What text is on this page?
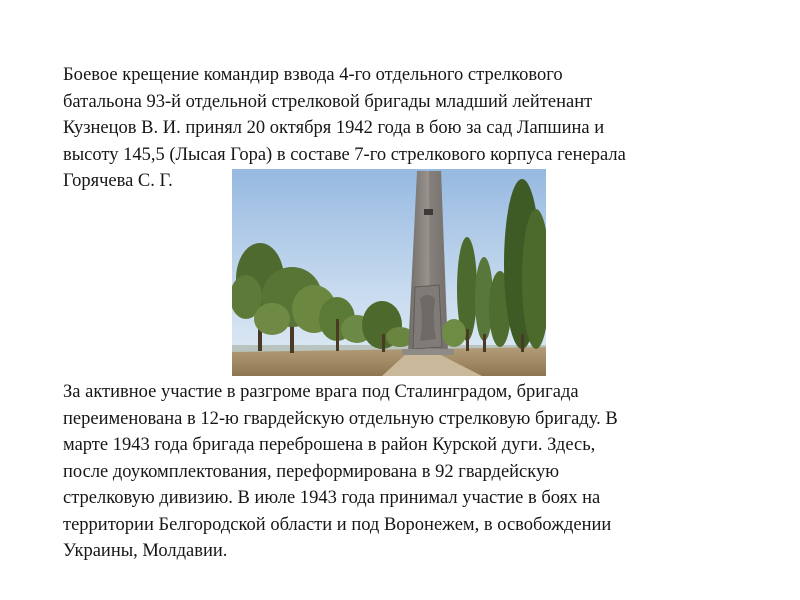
Боевое крещение командир взвода 4-го отдельного стрелкового
батальона 93-й отдельной стрелковой бригады младший лейтенант
Кузнецов В. И. принял 20 октября 1942 года в бою за сад Лапшина и
высоту 145,5 (Лысая Гора) в составе 7-го стрелкового корпуса генерала
Горячева С. Г.

За активное участие в разгроме врага под Сталинградом, бригада
переименована в 12-ю гвардейскую отдельную стрелковую бригаду. В
марте 1943 года бригада переброшена в район Курской дуги. Здесь,
после доукомплектования, переформирована в 92 гвардейскую
стрелковую дивизию. В июле 1943 года принимал участие в боях на
территории Белгородской области и под Воронежем, в освобождении
Украины, Молдавии.
